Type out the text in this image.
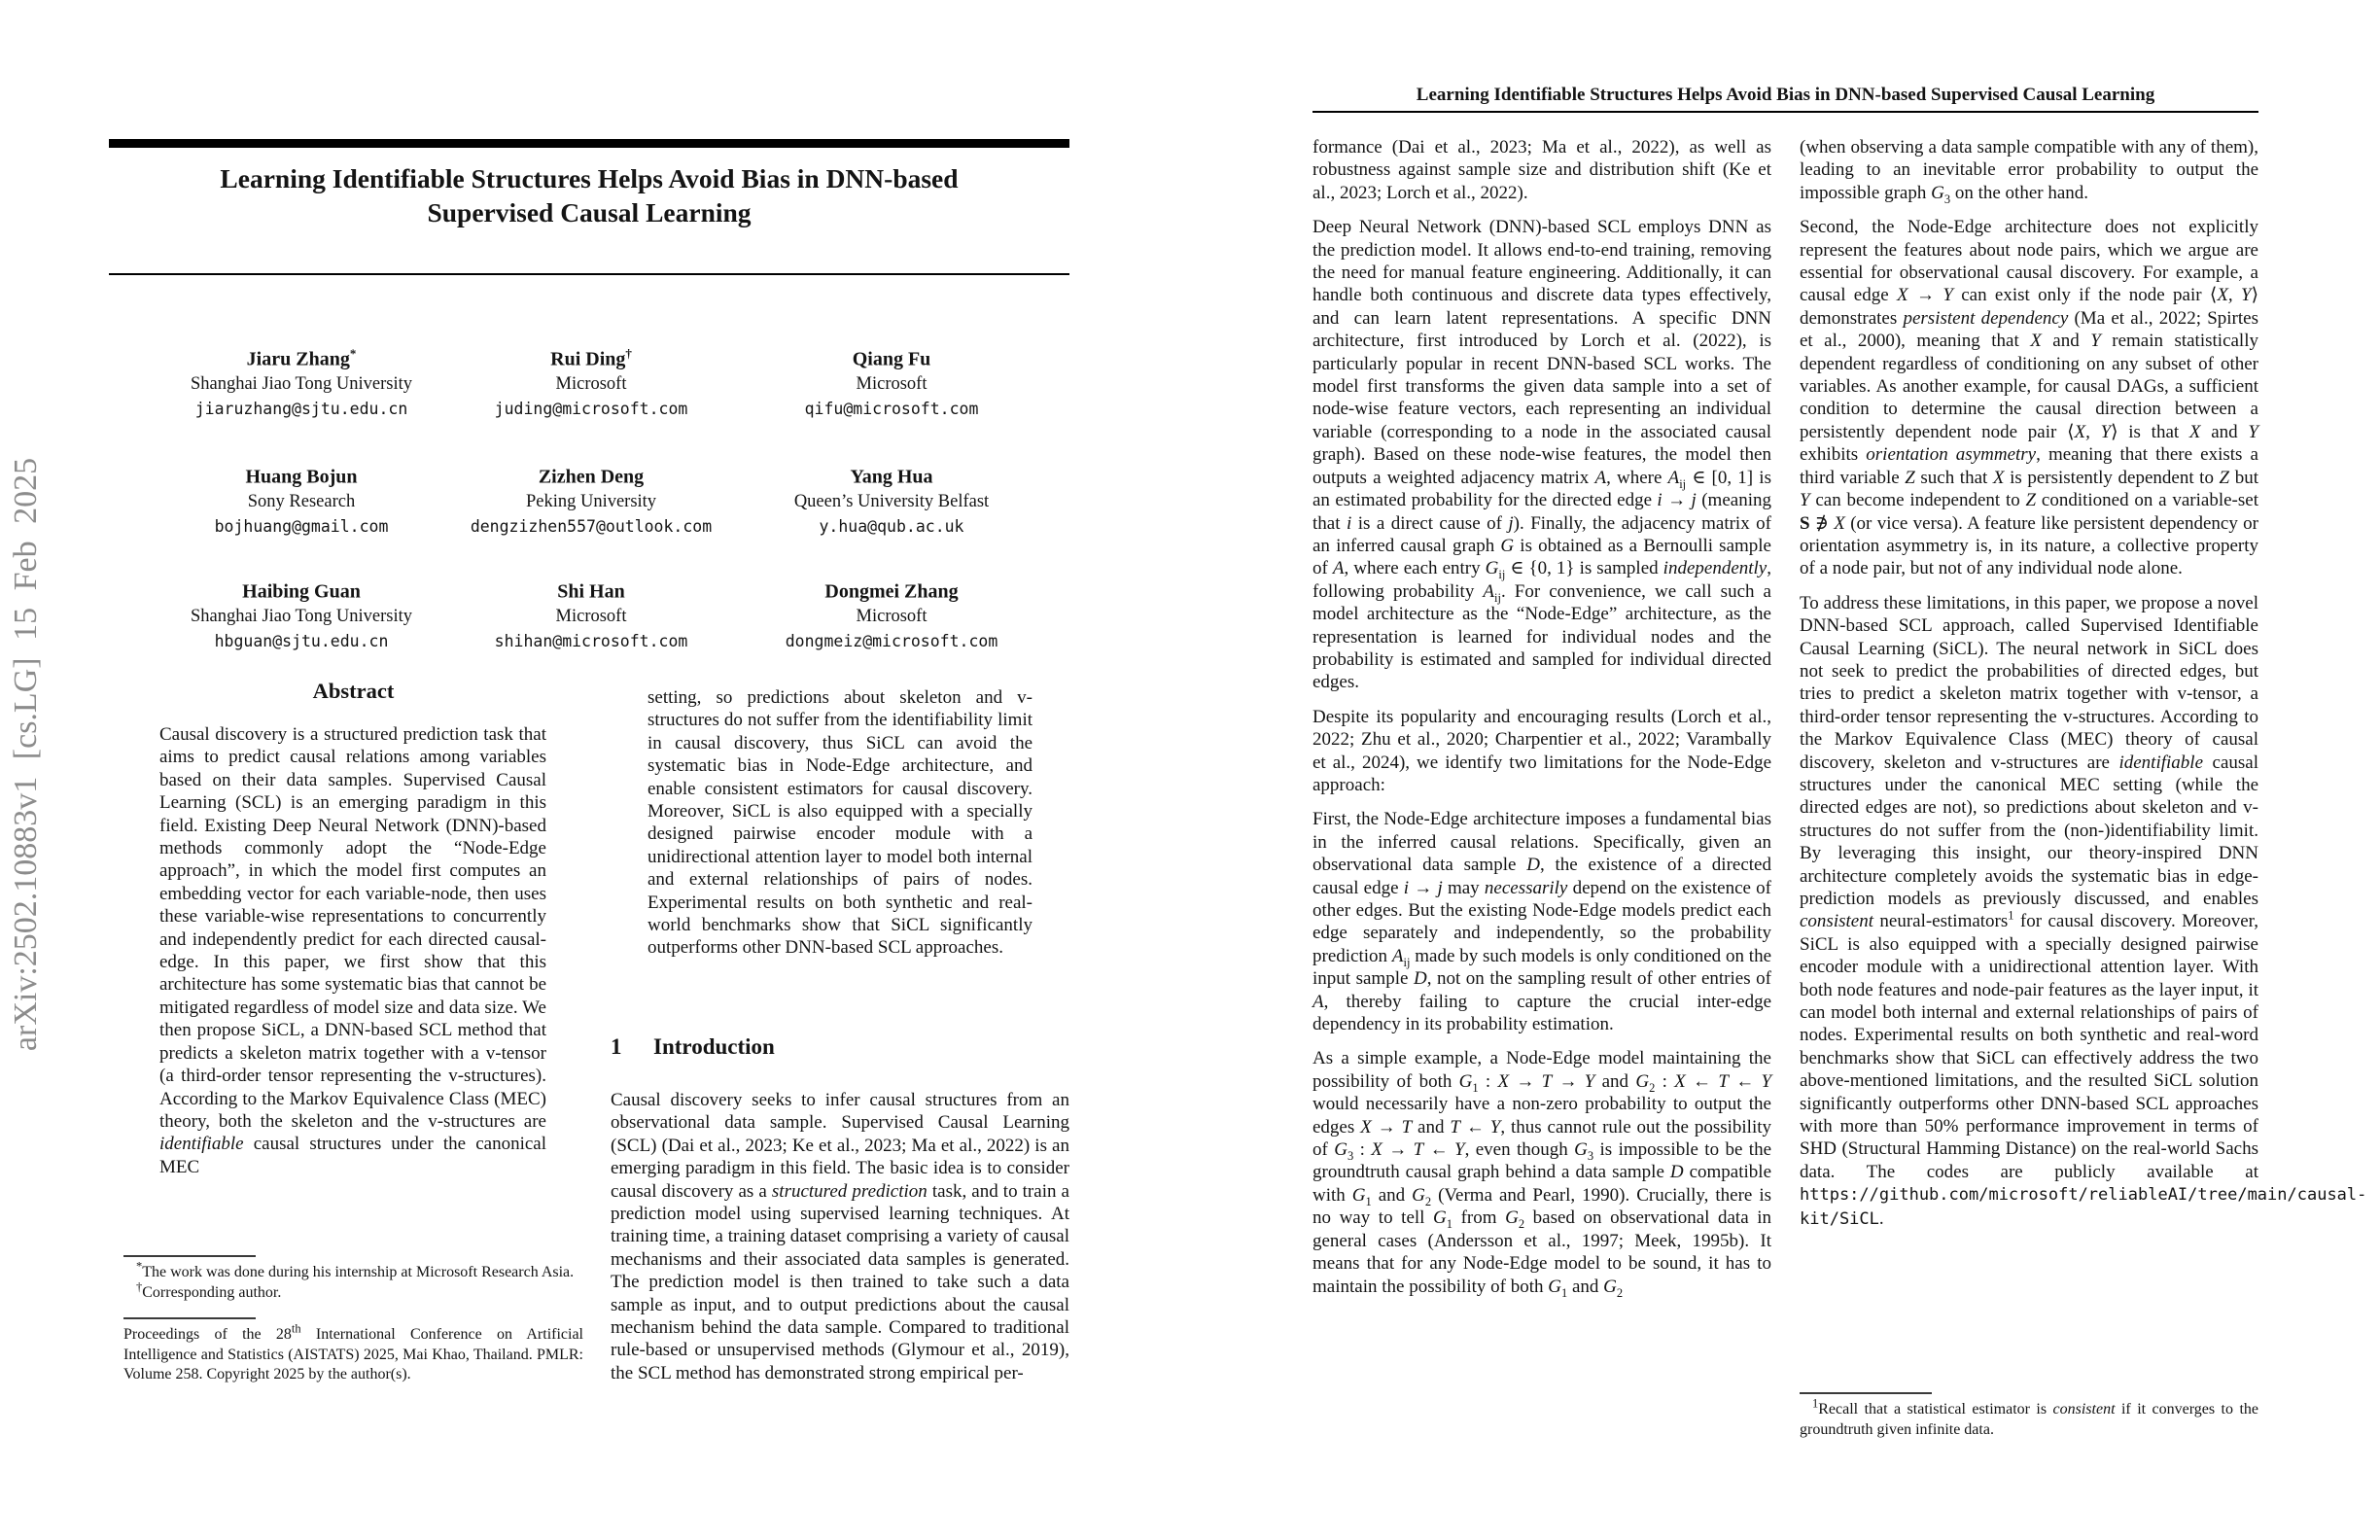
arXiv:2502.10883v1 [cs.LG] 15 Feb 2025
Learning Identifiable Structures Helps Avoid Bias in DNN-based
Supervised Causal Learning
Jiaru Zhang*
Shanghai Jiao Tong University
jiaruzhang@sjtu.edu.cn
Rui Ding†
Microsoft
juding@microsoft.com
Qiang Fu
Microsoft
qifu@microsoft.com
Huang Bojun
Sony Research
bojhuang@gmail.com
Zizhen Deng
Peking University
dengzizhen557@outlook.com
Yang Hua
Queen’s University Belfast
y.hua@qub.ac.uk
Haibing Guan
Shanghai Jiao Tong University
hbguan@sjtu.edu.cn
Shi Han
Microsoft
shihan@microsoft.com
Dongmei Zhang
Microsoft
dongmeiz@microsoft.com
Abstract

Causal discovery is a structured prediction task that aims to predict causal relations among variables based on their data samples. Supervised Causal Learning (SCL) is an emerging paradigm in this field. Existing Deep Neural Network (DNN)-based methods commonly adopt the “Node-Edge approach”, in which the model first computes an embedding vector for each variable-node, then uses these variable-wise representations to concurrently and independently predict for each directed causal-edge. In this paper, we first show that this architecture has some systematic bias that cannot be mitigated regardless of model size and data size. We then propose SiCL, a DNN-based SCL method that predicts a skeleton matrix together with a v-tensor (a third-order tensor representing the v-structures). According to the Markov Equivalence Class (MEC) theory, both the skeleton and the v-structures are identifiable causal structures under the canonical MEC

*The work was done during his internship at Microsoft Research Asia.

†Corresponding author.

Proceedings of the 28th International Conference on Artificial Intelligence and Statistics (AISTATS) 2025, Mai Khao, Thailand. PMLR: Volume 258. Copyright 2025 by the author(s).

setting, so predictions about skeleton and v-structures do not suffer from the identifiability limit in causal discovery, thus SiCL can avoid the systematic bias in Node-Edge architecture, and enable consistent estimators for causal discovery. Moreover, SiCL is also equipped with a specially designed pairwise encoder module with a unidirectional attention layer to model both internal and external relationships of pairs of nodes. Experimental results on both synthetic and real-world benchmarks show that SiCL significantly outperforms other DNN-based SCL approaches.

1 Introduction

Causal discovery seeks to infer causal structures from an observational data sample. Supervised Causal Learning (SCL) (Dai et al., 2023; Ke et al., 2023; Ma et al., 2022) is an emerging paradigm in this field. The basic idea is to consider causal discovery as a structured prediction task, and to train a prediction model using supervised learning techniques. At training time, a training dataset comprising a variety of causal mechanisms and their associated data samples is generated. The prediction model is then trained to take such a data sample as input, and to output predictions about the causal mechanism behind the data sample. Compared to traditional rule-based or unsupervised methods (Glymour et al., 2019), the SCL method has demonstrated strong empirical per-

Learning Identifiable Structures Helps Avoid Bias in DNN-based Supervised Causal Learning

formance (Dai et al., 2023; Ma et al., 2022), as well as robustness against sample size and distribution shift (Ke et al., 2023; Lorch et al., 2022).

Deep Neural Network (DNN)-based SCL employs DNN as the prediction model. It allows end-to-end training, removing the need for manual feature engineering. Additionally, it can handle both continuous and discrete data types effectively, and can learn latent representations. A specific DNN architecture, first introduced by Lorch et al. (2022), is particularly popular in recent DNN-based SCL works. The model first transforms the given data sample into a set of node-wise feature vectors, each representing an individual variable (corresponding to a node in the associated causal graph). Based on these node-wise features, the model then outputs a weighted adjacency matrix A, where $A_{ij}$ ∈ [0, 1] is an estimated probability for the directed edge i → j (meaning that i is a direct cause of j). Finally, the adjacency matrix of an inferred causal graph G is obtained as a Bernoulli sample of A, where each entry $G_{ij}$ ∈ {0, 1} is sampled independently, following probability $A_{ij}$. For convenience, we call such a model architecture as the “Node-Edge” architecture, as the representation is learned for individual nodes and the probability is estimated and sampled for individual directed edges.

Despite its popularity and encouraging results (Lorch et al., 2022; Zhu et al., 2020; Charpentier et al., 2022; Varambally et al., 2024), we identify two limitations for the Node-Edge approach:

First, the Node-Edge architecture imposes a fundamental bias in the inferred causal relations. Specifically, given an observational data sample D, the existence of a directed causal edge i → j may necessarily depend on the existence of other edges. But the existing Node-Edge models predict each edge separately and independently, so the probability prediction $A_{ij}$ made by such models is only conditioned on the input sample D, not on the sampling result of other entries of A, thereby failing to capture the crucial inter-edge dependency in its probability estimation.

As a simple example, a Node-Edge model maintaining the possibility of both $G_1$ : X → T → Y and $G_2$ : X ← T ← Y would necessarily have a non-zero probability to output the edges X → T and T ← Y, thus cannot rule out the possibility of $G_3$ : X → T ← Y, even though $G_3$ is impossible to be the groundtruth causal graph behind a data sample D compatible with $G_1$ and $G_2$ (Verma and Pearl, 1990). Crucially, there is no way to tell $G_1$ from $G_2$ based on observational data in general cases (Andersson et al., 1997; Meek, 1995b). It means that for any Node-Edge model to be sound, it has to maintain the possibility of both $G_1$ and $G_2$

(when observing a data sample compatible with any of them), leading to an inevitable error probability to output the impossible graph $G_3$ on the other hand.

Second, the Node-Edge architecture does not explicitly represent the features about node pairs, which we argue are essential for observational causal discovery. For example, a causal edge X → Y can exist only if the node pair ⟨X, Y⟩ demonstrates persistent dependency (Ma et al., 2022; Spirtes et al., 2000), meaning that X and Y remain statistically dependent regardless of conditioning on any subset of other variables. As another example, for causal DAGs, a sufficient condition to determine the causal direction between a persistently dependent node pair ⟨X, Y⟩ is that X and Y exhibits orientation asymmetry, meaning that there exists a third variable Z such that X is persistently dependent to Z but Y can become independent to Z conditioned on a variable-set S ∌ X (or vice versa). A feature like persistent dependency or orientation asymmetry is, in its nature, a collective property of a node pair, but not of any individual node alone.

To address these limitations, in this paper, we propose a novel DNN-based SCL approach, called Supervised Identifiable Causal Learning (SiCL). The neural network in SiCL does not seek to predict the probabilities of directed edges, but tries to predict a skeleton matrix together with v-tensor, a third-order tensor representing the v-structures. According to the Markov Equivalence Class (MEC) theory of causal discovery, skeleton and v-structures are identifiable causal structures under the canonical MEC setting (while the directed edges are not), so predictions about skeleton and v-structures do not suffer from the (non-)identifiability limit. By leveraging this insight, our theory-inspired DNN architecture completely avoids the systematic bias in edge-prediction models as previously discussed, and enables consistent neural-estimators$^1$ for causal discovery. Moreover, SiCL is also equipped with a specially designed pairwise encoder module with a unidirectional attention layer. With both node features and node-pair features as the layer input, it can model both internal and external relationships of pairs of nodes. Experimental results on both synthetic and real-word benchmarks show that SiCL can effectively address the two above-mentioned limitations, and the resulted SiCL solution significantly outperforms other DNN-based SCL approaches with more than 50% performance improvement in terms of SHD (Structural Hamming Distance) on the real-world Sachs data. The codes are publicly available at https://github.com/microsoft/reliableAI/tree/main/causal-kit/SiCL.

$^1$Recall that a statistical estimator is consistent if it converges to the groundtruth given infinite data.
